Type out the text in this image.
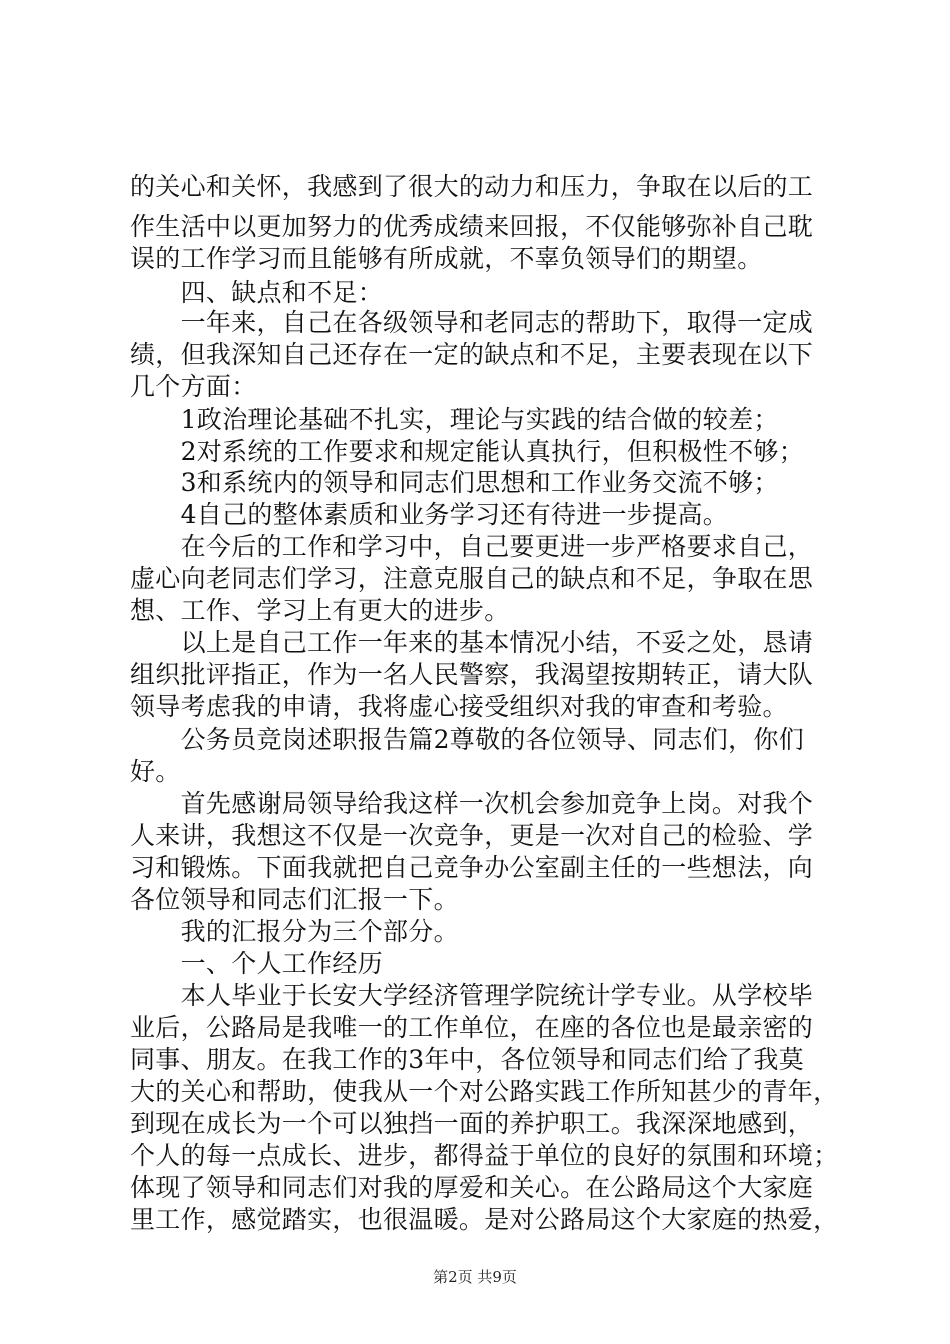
的关心和关怀，我感到了很大的动力和压力，争取在以后的工
作生活中以更加努力的优秀成绩来回报，不仅能够弥补自己耽
误的工作学习而且能够有所成就，不辜负领导们的期望。
　　四、缺点和不足：
　　一年来，自己在各级领导和老同志的帮助下，取得一定成
绩，但我深知自己还存在一定的缺点和不足，主要表现在以下
几个方面：
　　1政治理论基础不扎实，理论与实践的结合做的较差；
　　2对系统的工作要求和规定能认真执行，但积极性不够；
　　3和系统内的领导和同志们思想和工作业务交流不够；
　　4自己的整体素质和业务学习还有待进一步提高。
　　在今后的工作和学习中，自己要更进一步严格要求自己，
虚心向老同志们学习，注意克服自己的缺点和不足，争取在思
想、工作、学习上有更大的进步。
　　以上是自己工作一年来的基本情况小结，不妥之处，恳请
组织批评指正，作为一名人民警察，我渴望按期转正，请大队
领导考虑我的申请，我将虚心接受组织对我的审查和考验。
　　公务员竞岗述职报告篇2尊敬的各位领导、同志们，你们
好。
　　首先感谢局领导给我这样一次机会参加竞争上岗。对我个
人来讲，我想这不仅是一次竞争，更是一次对自己的检验、学
习和锻炼。下面我就把自己竞争办公室副主任的一些想法，向
各位领导和同志们汇报一下。
　　我的汇报分为三个部分。
　　一、个人工作经历
　　本人毕业于长安大学经济管理学院统计学专业。从学校毕
业后，公路局是我唯一的工作单位，在座的各位也是最亲密的
同事、朋友。在我工作的3年中，各位领导和同志们给了我莫
大的关心和帮助，使我从一个对公路实践工作所知甚少的青年，
到现在成长为一个可以独挡一面的养护职工。我深深地感到，
个人的每一点成长、进步，都得益于单位的良好的氛围和环境；
体现了领导和同志们对我的厚爱和关心。在公路局这个大家庭
里工作，感觉踏实，也很温暖。是对公路局这个大家庭的热爱，
第2页 共9页
